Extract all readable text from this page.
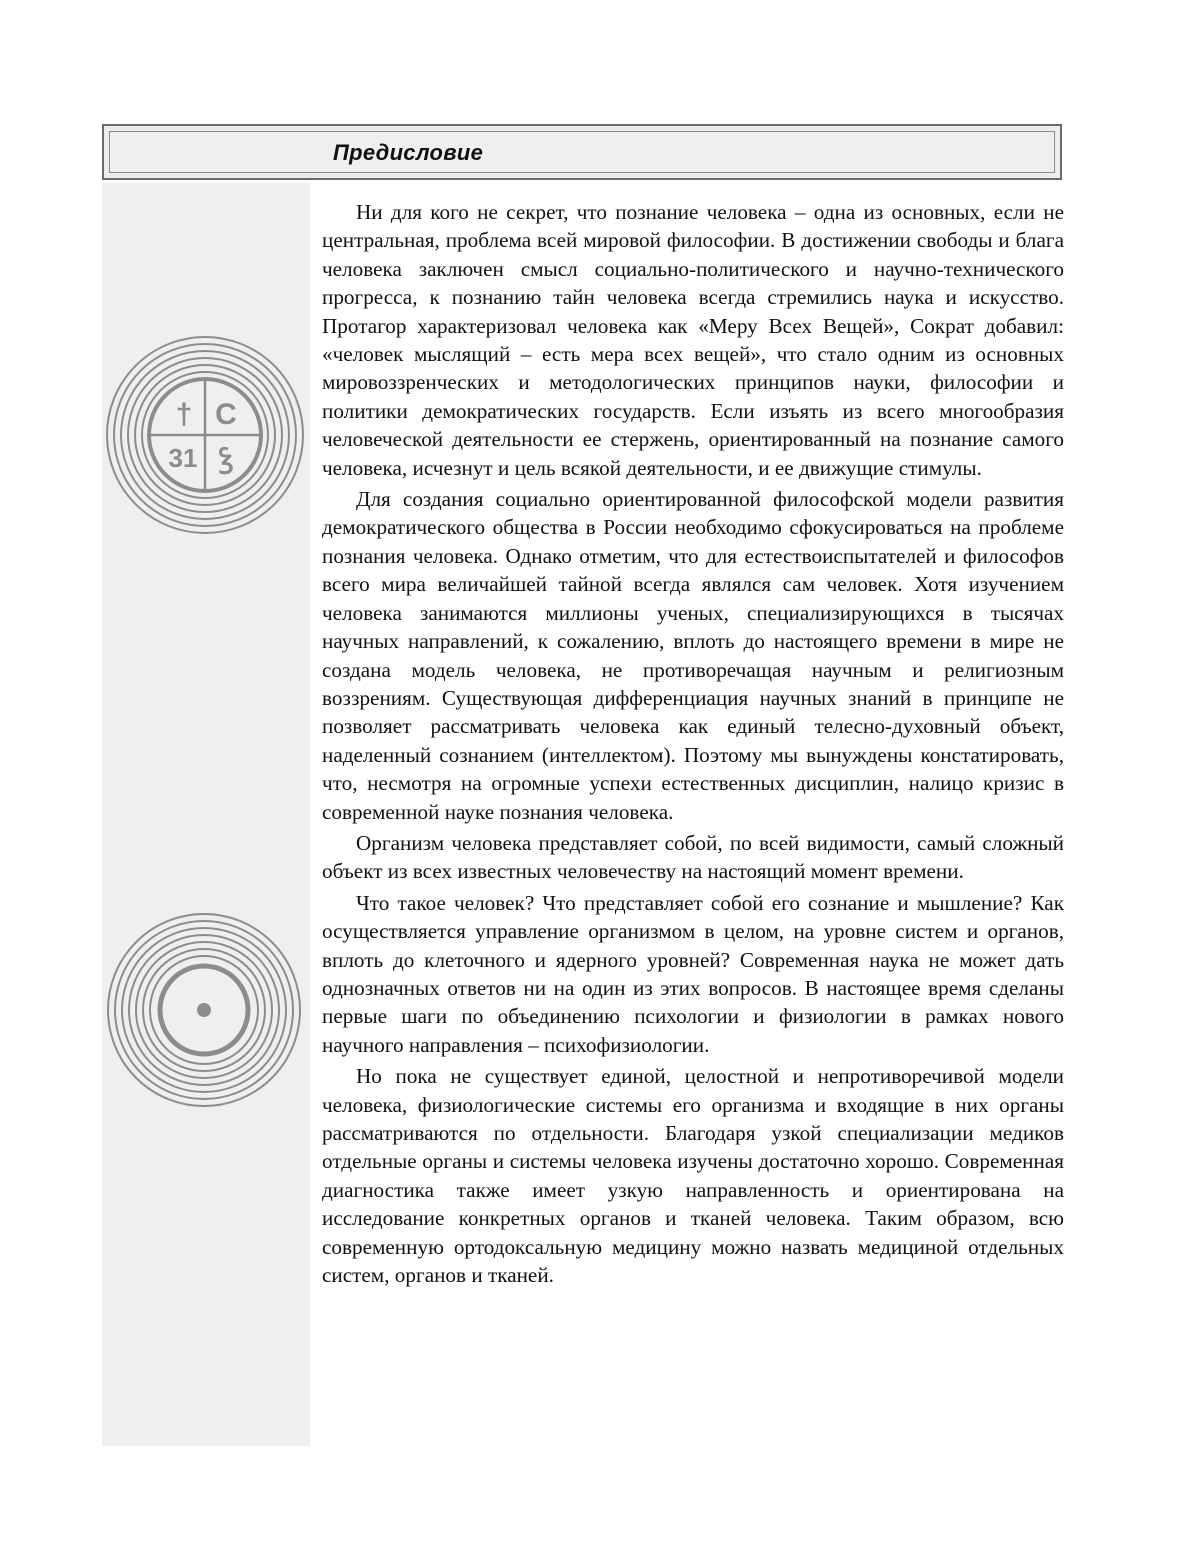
Предисловие
† С
31 ꝣ

Ни для кого не секрет, что познание человека – одна из основных, если не центральная, проблема всей мировой философии. В достижении свободы и блага человека заключен смысл социально-политического и научно-технического прогресса, к познанию тайн человека всегда стремились наука и искусство. Протагор характеризовал человека как «Меру Всех Вещей», Сократ добавил: «человек мыслящий – есть мера всех вещей», что стало одним из основных мировоззренческих и методологических принципов науки, философии и политики демократических государств. Если изъять из всего многообразия человеческой деятельности ее стержень, ориентированный на познание самого человека, исчезнут и цель всякой деятельности, и ее движущие стимулы.

Для создания социально ориентированной философской модели развития демократического общества в России необходимо сфокусироваться на проблеме познания человека. Однако отметим, что для естествоиспытателей и философов всего мира величайшей тайной всегда являлся сам человек. Хотя изучением человека занимаются миллионы ученых, специализирующихся в тысячах научных направлений, к сожалению, вплоть до настоящего времени в мире не создана модель человека, не противоречащая научным и религиозным воззрениям. Существующая дифференциация научных знаний в принципе не позволяет рассматривать человека как единый телесно-духовный объект, наделенный сознанием (интеллектом). Поэтому мы вынуждены констатировать, что, несмотря на огромные успехи естественных дисциплин, налицо кризис в современной науке познания человека.

Организм человека представляет собой, по всей видимости, самый сложный объект из всех известных человечеству на настоящий момент времени.

Что такое человек? Что представляет собой его сознание и мышление? Как осуществляется управление организмом в целом, на уровне систем и органов, вплоть до клеточного и ядерного уровней? Современная наука не может дать однозначных ответов ни на один из этих вопросов. В настоящее время сделаны первые шаги по объединению психологии и физиологии в рамках нового научного направления – психофизиологии.

Но пока не существует единой, целостной и непротиворечивой модели человека, физиологические системы его организма и входящие в них органы рассматриваются по отдельности. Благодаря узкой специализации медиков отдельные органы и системы человека изучены достаточно хорошо. Современная диагностика также имеет узкую направленность и ориентирована на исследование конкретных органов и тканей человека. Таким образом, всю современную ортодоксальную медицину можно назвать медициной отдельных систем, органов и тканей.
